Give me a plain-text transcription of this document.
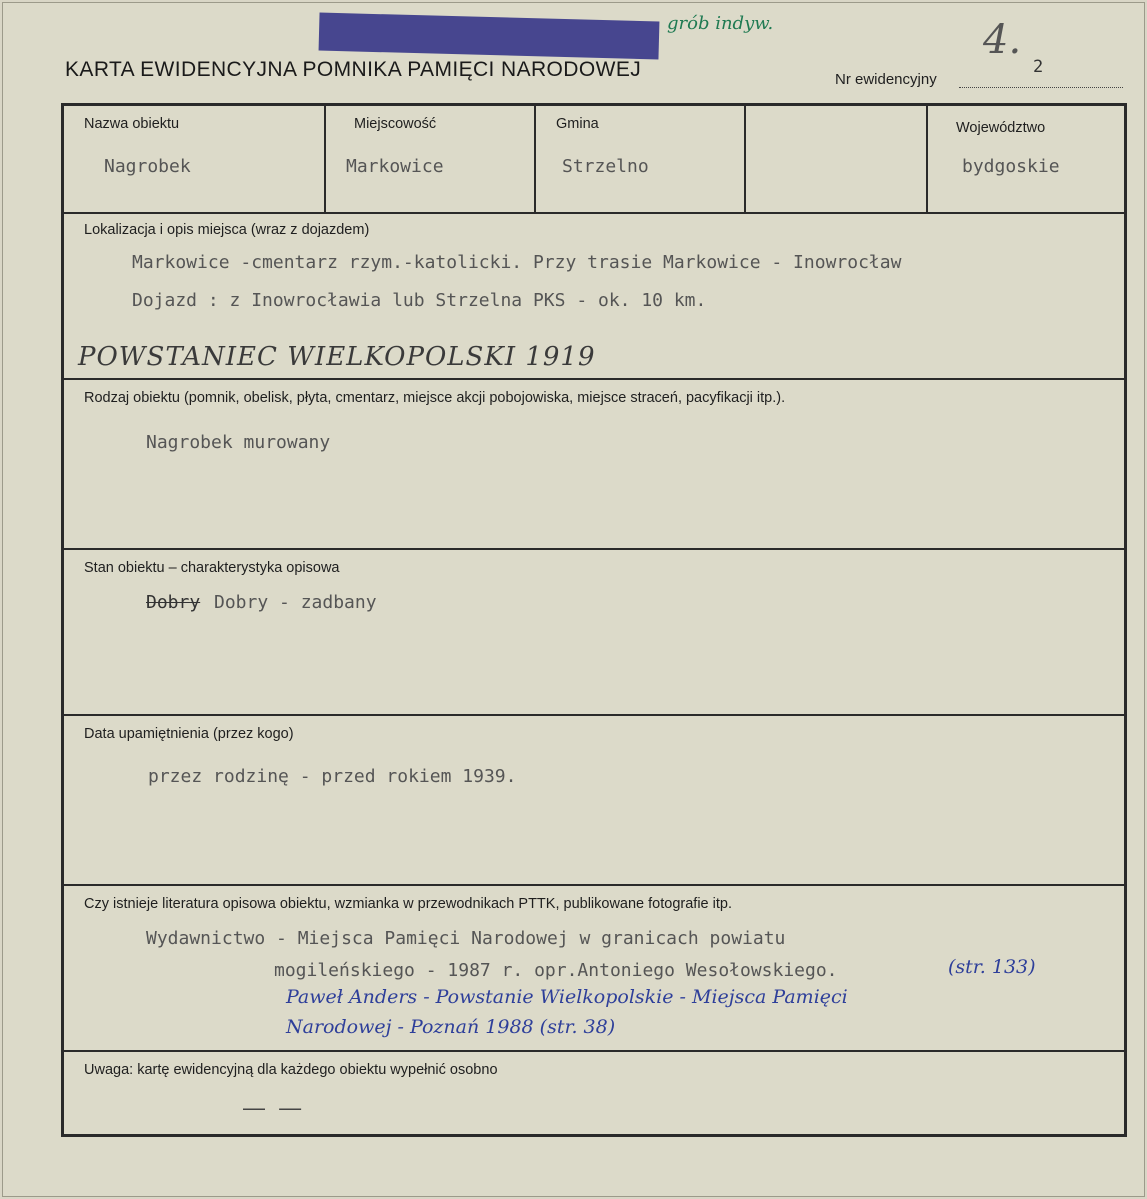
grób indyw.	4.
KARTA EWIDENCYJNA POMNIKA PAMIĘCI NARODOWEJ	Nr ewidencyjny
2
Nazwa obiektu
Nagrobek
Miejscowość
Markowice
Gmina
Strzelno
Województwo
bydgoskie
Lokalizacja i opis miejsca (wraz z dojazdem)
Markowice -cmentarz rzym.-katolicki. Przy trasie Markowice - Inowrocław
Dojazd : z Inowrocławia lub Strzelna PKS - ok. 10 km.
POWSTANIEC WIELKOPOLSKI 1919
Rodzaj obiektu (pomnik, obelisk, płyta, cmentarz, miejsce akcji pobojowiska, miejsce straceń, pacyfikacji itp.).
Nagrobek murowany
Stan obiektu – charakterystyka opisowa
Dobry Dobry - zadbany
Data upamiętnienia (przez kogo)
przez rodzinę - przed rokiem 1939.
Czy istnieje literatura opisowa obiektu, wzmianka w przewodnikach PTTK, publikowane fotografie itp.
Wydawnictwo - Miejsca Pamięci Narodowej w granicach powiatu
mogileńskiego - 1987 r. opr.Antoniego Wesołowskiego.	(str. 133)
Paweł Anders - Powstanie Wielkopolskie - Miejsca Pamięci
Narodowej - Poznań 1988 (str. 38)
Uwaga: kartę ewidencyjną dla każdego obiektu wypełnić osobno
— —
